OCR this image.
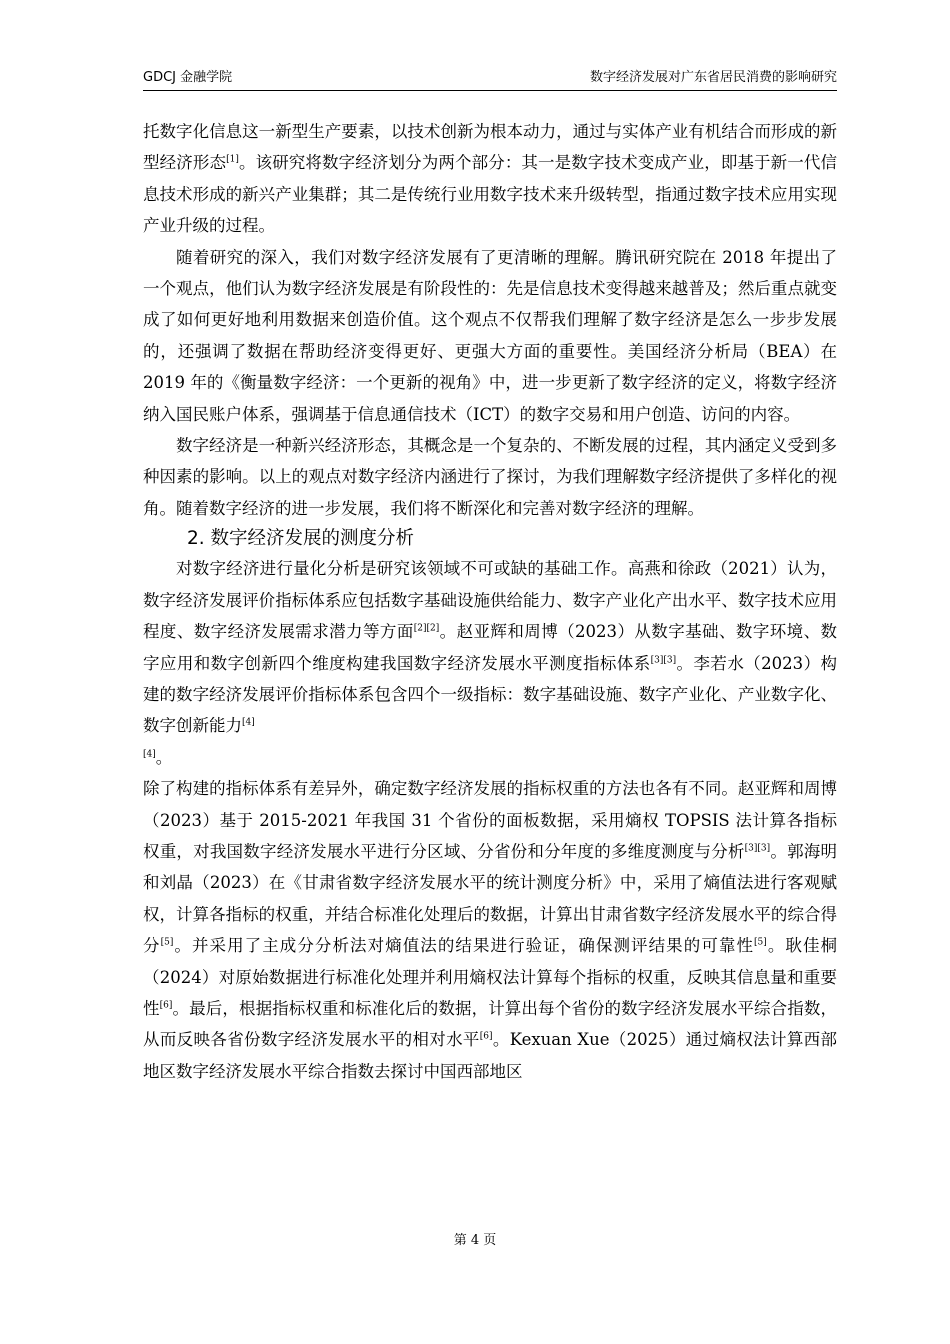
GDCJ 金融学院	数字经济发展对广东省居民消费的影响研究

托数字化信息这一新型生产要素，以技术创新为根本动力，通过与实体产业有机结合而形成的新型经济形态[1]。该研究将数字经济划分为两个部分：其一是数字技术变成产业，即基于新一代信息技术形成的新兴产业集群；其二是传统行业用数字技术来升级转型，指通过数字技术应用实现产业升级的过程。

随着研究的深入，我们对数字经济发展有了更清晰的理解。腾讯研究院在 2018 年提出了一个观点，他们认为数字经济发展是有阶段性的：先是信息技术变得越来越普及；然后重点就变成了如何更好地利用数据来创造价值。这个观点不仅帮我们理解了数字经济是怎么一步步发展的，还强调了数据在帮助经济变得更好、更强大方面的重要性。美国经济分析局（BEA）在 2019 年的《衡量数字经济：一个更新的视角》中，进一步更新了数字经济的定义，将数字经济纳入国民账户体系，强调基于信息通信技术（ICT）的数字交易和用户创造、访问的内容。

数字经济是一种新兴经济形态，其概念是一个复杂的、不断发展的过程，其内涵定义受到多种因素的影响。以上的观点对数字经济内涵进行了探讨，为我们理解数字经济提供了多样化的视角。随着数字经济的进一步发展，我们将不断深化和完善对数字经济的理解。

2. 数字经济发展的测度分析

对数字经济进行量化分析是研究该领域不可或缺的基础工作。高燕和徐政（2021）认为，数字经济发展评价指标体系应包括数字基础设施供给能力、数字产业化产出水平、数字技术应用程度、数字经济发展需求潜力等方面[2][2]。赵亚辉和周博（2023）从数字基础、数字环境、数字应用和数字创新四个维度构建我国数字经济发展水平测度指标体系[3][3]。李若水（2023）构建的数字经济发展评价指标体系包含四个一级指标：数字基础设施、数字产业化、产业数字化、数字创新能力[4]
[4]。

除了构建的指标体系有差异外，确定数字经济发展的指标权重的方法也各有不同。赵亚辉和周博（2023）基于 2015-2021 年我国 31 个省份的面板数据，采用熵权 TOPSIS 法计算各指标权重，对我国数字经济发展水平进行分区域、分省份和分年度的多维度测度与分析[3][3]。郭海明和刘晶（2023）在《甘肃省数字经济发展水平的统计测度分析》中，采用了熵值法进行客观赋权，计算各指标的权重，并结合标准化处理后的数据，计算出甘肃省数字经济发展水平的综合得分[5]。并采用了主成分分析法对熵值法的结果进行验证，确保测评结果的可靠性[5]。耿佳桐（2024）对原始数据进行标准化处理并利用熵权法计算每个指标的权重，反映其信息量和重要性[6]。最后，根据指标权重和标准化后的数据，计算出每个省份的数字经济发展水平综合指数，从而反映各省份数字经济发展水平的相对水平[6]。Kexuan Xue（2025）通过熵权法计算西部地区数字经济发展水平综合指数去探讨中国西部地区

第 4 页
